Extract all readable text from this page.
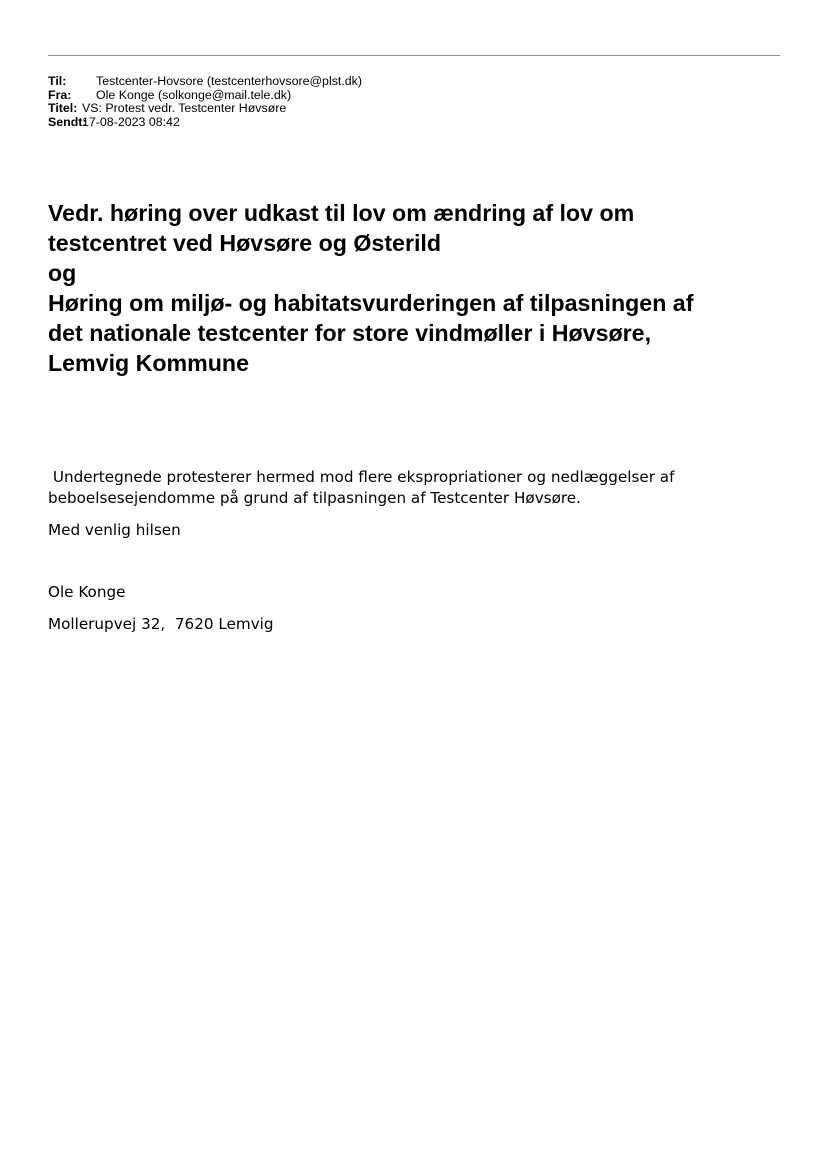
Til:	Testcenter-Hovsore (testcenterhovsore@plst.dk)
Fra:	Ole Konge (solkonge@mail.tele.dk)
Titel: VS: Protest vedr. Testcenter Høvsøre
Sendt:
17-08-2023 08:42
Vedr. høring over udkast til lov om ændring af lov om
testcentret ved Høvsøre og Østerild
og
Høring om miljø- og habitatsvurderingen af tilpasningen af
det nationale testcenter for store vindmøller i Høvsøre,
Lemvig Kommune

Undertegnede protesterer hermed mod flere ekspropriationer og nedlæggelser af
beboelsesejendomme på grund af tilpasningen af Testcenter Høvsøre.

Med venlig hilsen

Ole Konge

Mollerupvej 32,  7620 Lemvig
